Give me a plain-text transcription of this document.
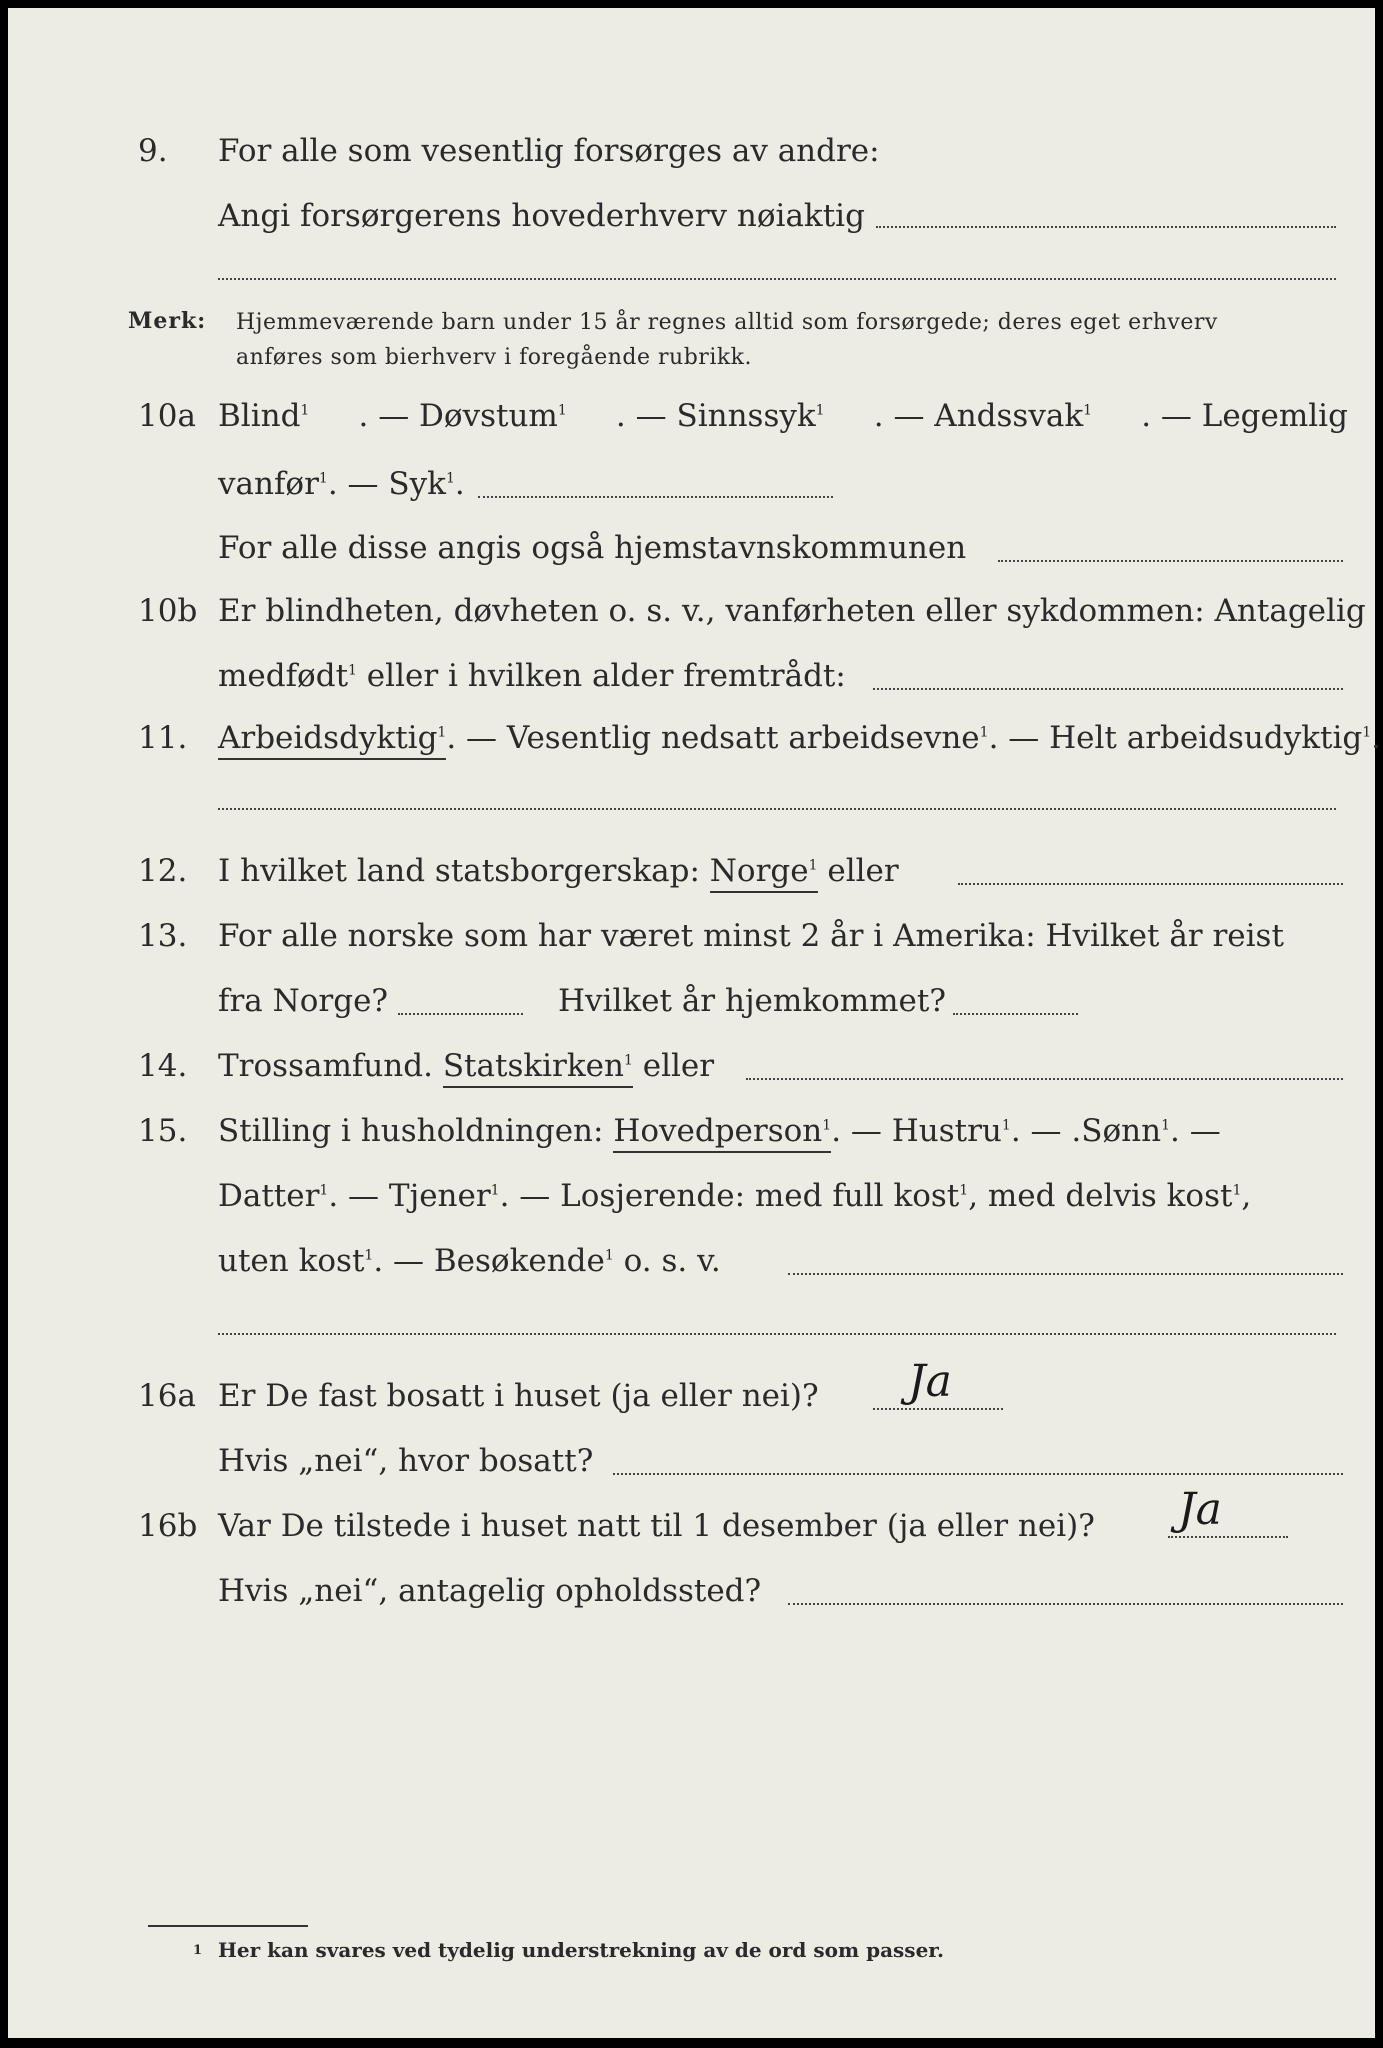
9. For alle som vesentlig forsørges av andre:
Angi forsørgerens hovederhverv nøiaktig
Merk: Hjemmeværende barn under 15 år regnes alltid som forsørgede; deres eget erhverv
anføres som bierhverv i foregående rubrikk.
10a Blind$^1$ . — Døvstum$^1$ . — Sinnssyk$^1$ . — Andssvak$^1$ . — Legemlig
vanfør$^1$. — Syk$^1$.
For alle disse angis også hjemstavnskommunen
10b Er blindheten, døvheten o. s. v., vanførheten eller sykdommen: Antagelig
medfødt$^1$ eller i hvilken alder fremtrådt:
11. Arbeidsdyktig$^1$. — Vesentlig nedsatt arbeidsevne$^1$. — Helt arbeidsudyktig$^1$.
12. I hvilket land statsborgerskap: Norge$^1$ eller
13. For alle norske som har været minst 2 år i Amerika: Hvilket år reist
fra Norge?	Hvilket år hjemkommet?
14. Trossamfund. Statskirken$^1$ eller
15. Stilling i husholdningen: Hovedperson$^1$. — Hustru$^1$. — .Sønn$^1$. —
Datter$^1$. — Tjener$^1$. — Losjerende: med full kost$^1$, med delvis kost$^1$,
uten kost$^1$. — Besøkende$^1$ o. s. v.
16a Er De fast bosatt i huset (ja eller nei)? Ja
Hvis „nei“, hvor bosatt?
16b Var De tilstede i huset natt til 1 desember (ja eller nei)? Ja
Hvis „nei“, antagelig opholdssted?
1 Her kan svares ved tydelig understrekning av de ord som passer.
